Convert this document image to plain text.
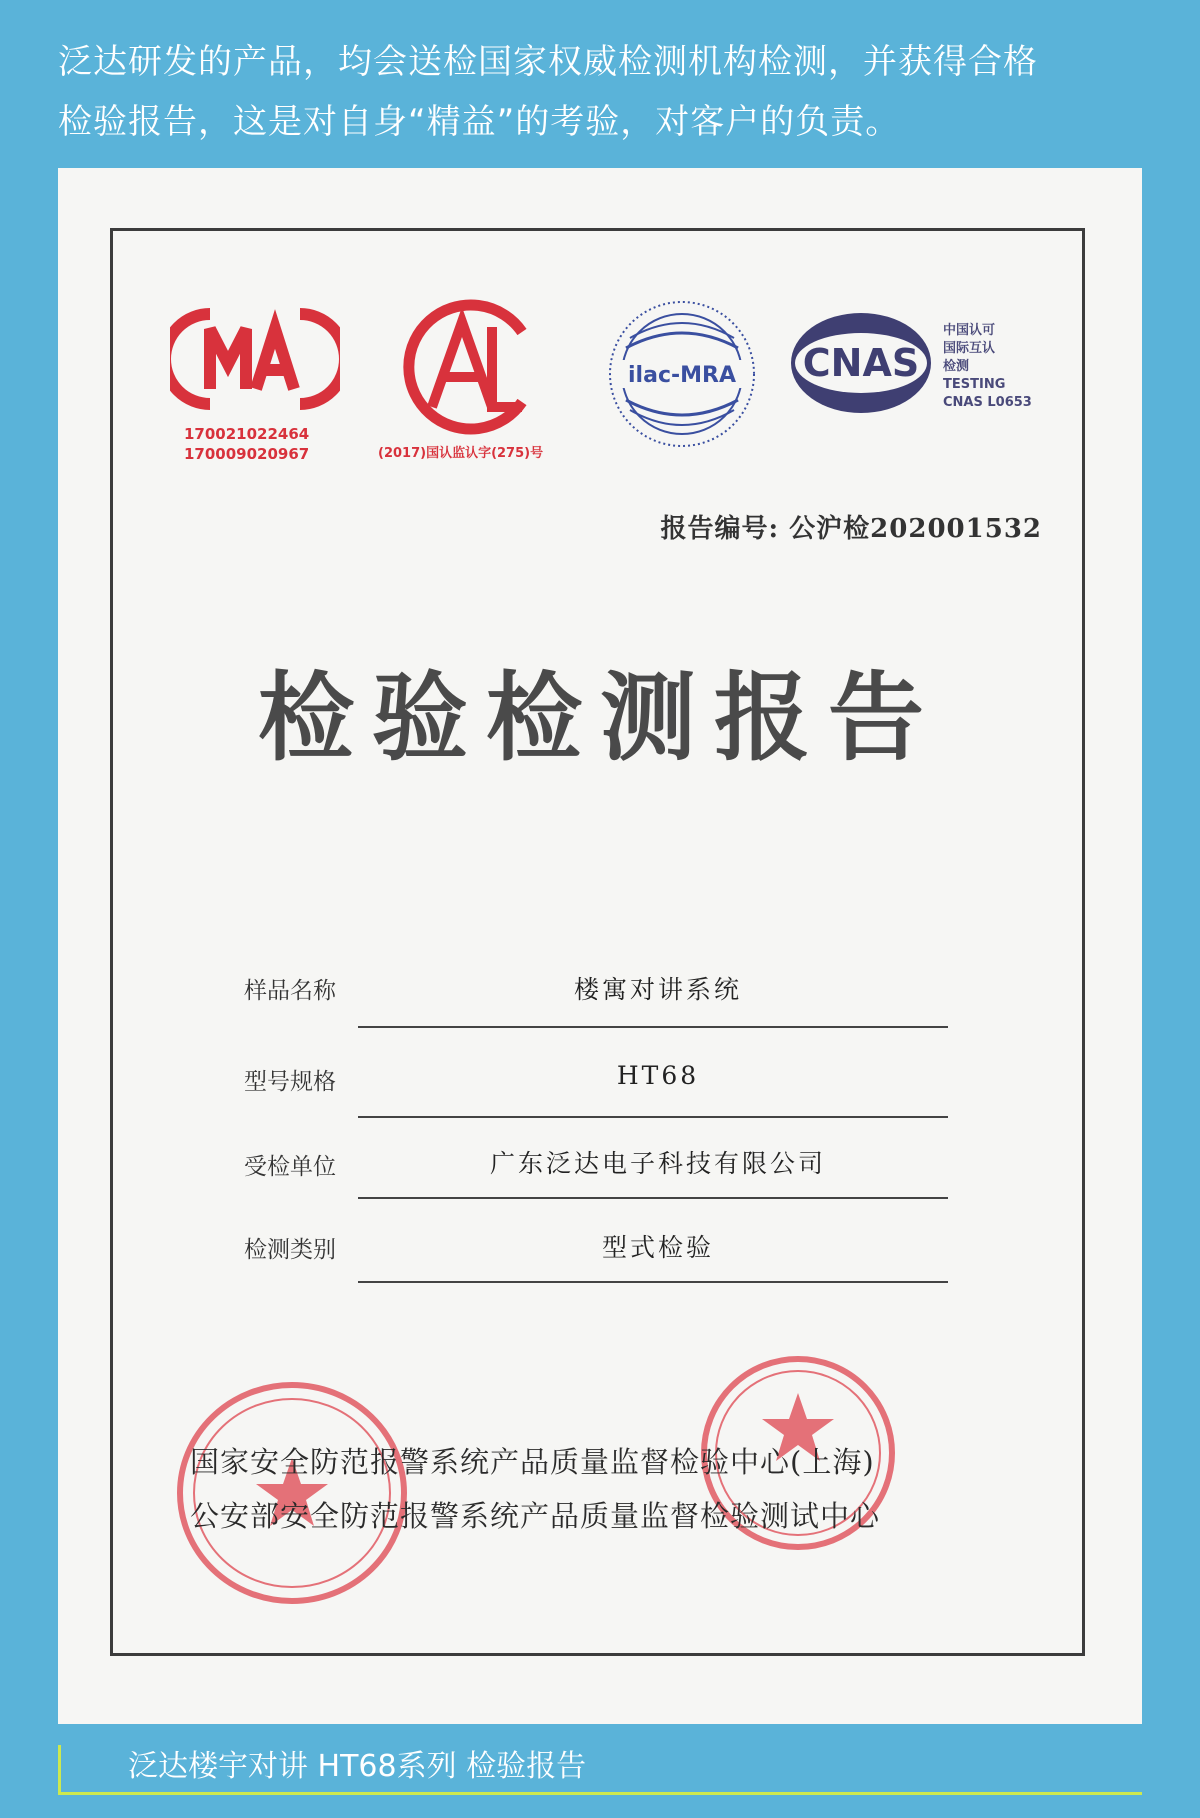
泛达研发的产品，均会送检国家权威检测机构检测，并获得合格
检验报告，这是对自身“精益”的考验，对客户的负责。
170021022464
170009020967	(2017)国认监认字(275)号
ilac-MRA CNAS
中国认可
国际互认
检测
TESTING
CNAS L0653
报告编号: 公沪检202001532
检验检测报告
样品名称	楼寓对讲系统
型号规格	HT68
受检单位	广东泛达电子科技有限公司
检测类别	型式检验
国家安全防范报警系统产品质量监督检验中心(上海)
公安部安全防范报警系统产品质量监督检验测试中心
泛达楼宇对讲 HT68系列 检验报告
